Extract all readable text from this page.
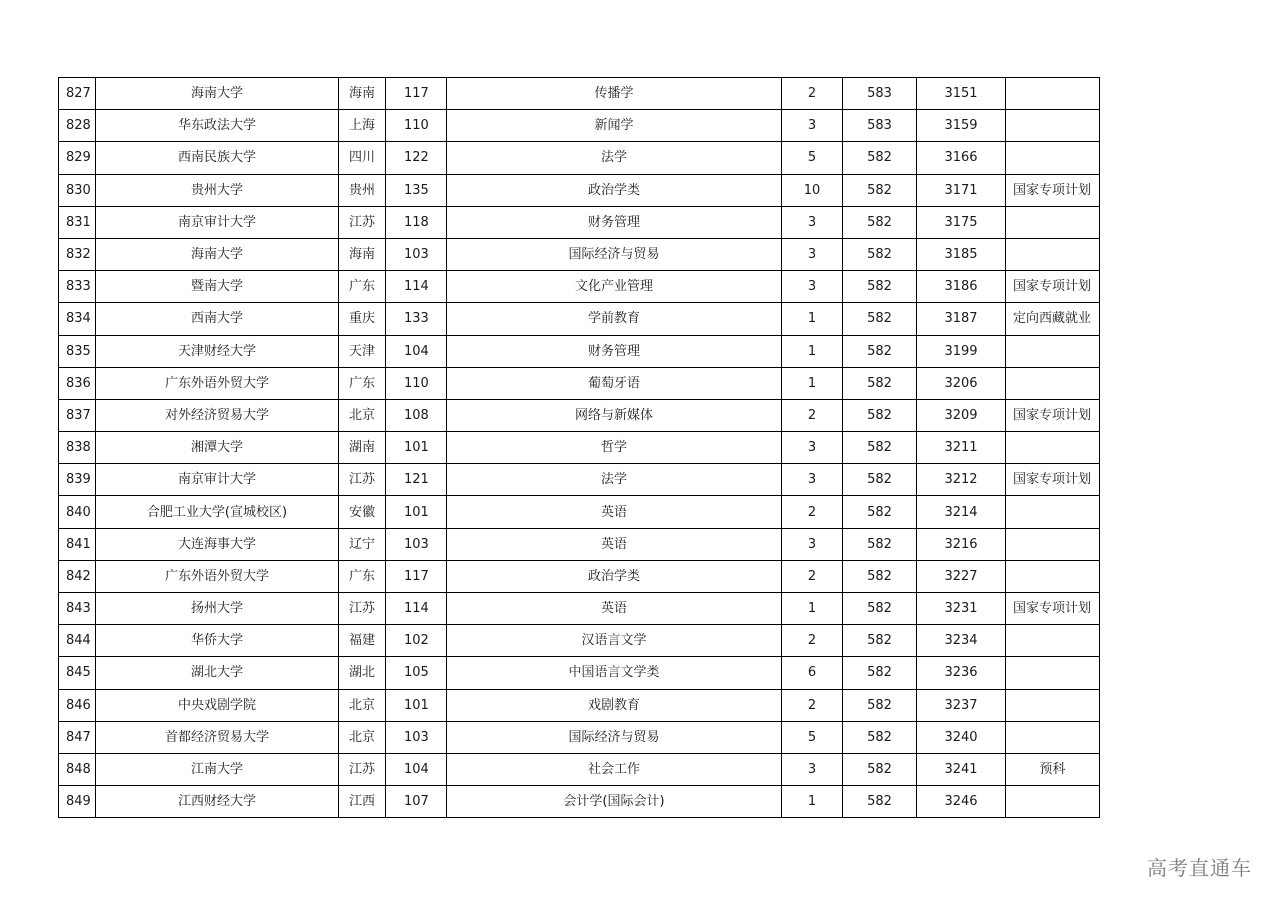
827	海南大学	海南	117	传播学	2	583	3151	
828	华东政法大学	上海	110	新闻学	3	583	3159	
829	西南民族大学	四川	122	法学	5	582	3166	
830	贵州大学	贵州	135	政治学类	10	582	3171	国家专项计划
831	南京审计大学	江苏	118	财务管理	3	582	3175	
832	海南大学	海南	103	国际经济与贸易	3	582	3185	
833	暨南大学	广东	114	文化产业管理	3	582	3186	国家专项计划
834	西南大学	重庆	133	学前教育	1	582	3187	定向西藏就业
835	天津财经大学	天津	104	财务管理	1	582	3199	
836	广东外语外贸大学	广东	110	葡萄牙语	1	582	3206	
837	对外经济贸易大学	北京	108	网络与新媒体	2	582	3209	国家专项计划
838	湘潭大学	湖南	101	哲学	3	582	3211	
839	南京审计大学	江苏	121	法学	3	582	3212	国家专项计划
840	合肥工业大学(宣城校区)	安徽	101	英语	2	582	3214	
841	大连海事大学	辽宁	103	英语	3	582	3216	
842	广东外语外贸大学	广东	117	政治学类	2	582	3227	
843	扬州大学	江苏	114	英语	1	582	3231	国家专项计划
844	华侨大学	福建	102	汉语言文学	2	582	3234	
845	湖北大学	湖北	105	中国语言文学类	6	582	3236	
846	中央戏剧学院	北京	101	戏剧教育	2	582	3237	
847	首都经济贸易大学	北京	103	国际经济与贸易	5	582	3240	
848	江南大学	江苏	104	社会工作	3	582	3241	预科
849	江西财经大学	江西	107	会计学(国际会计)	1	582	3246	
高考直通车
